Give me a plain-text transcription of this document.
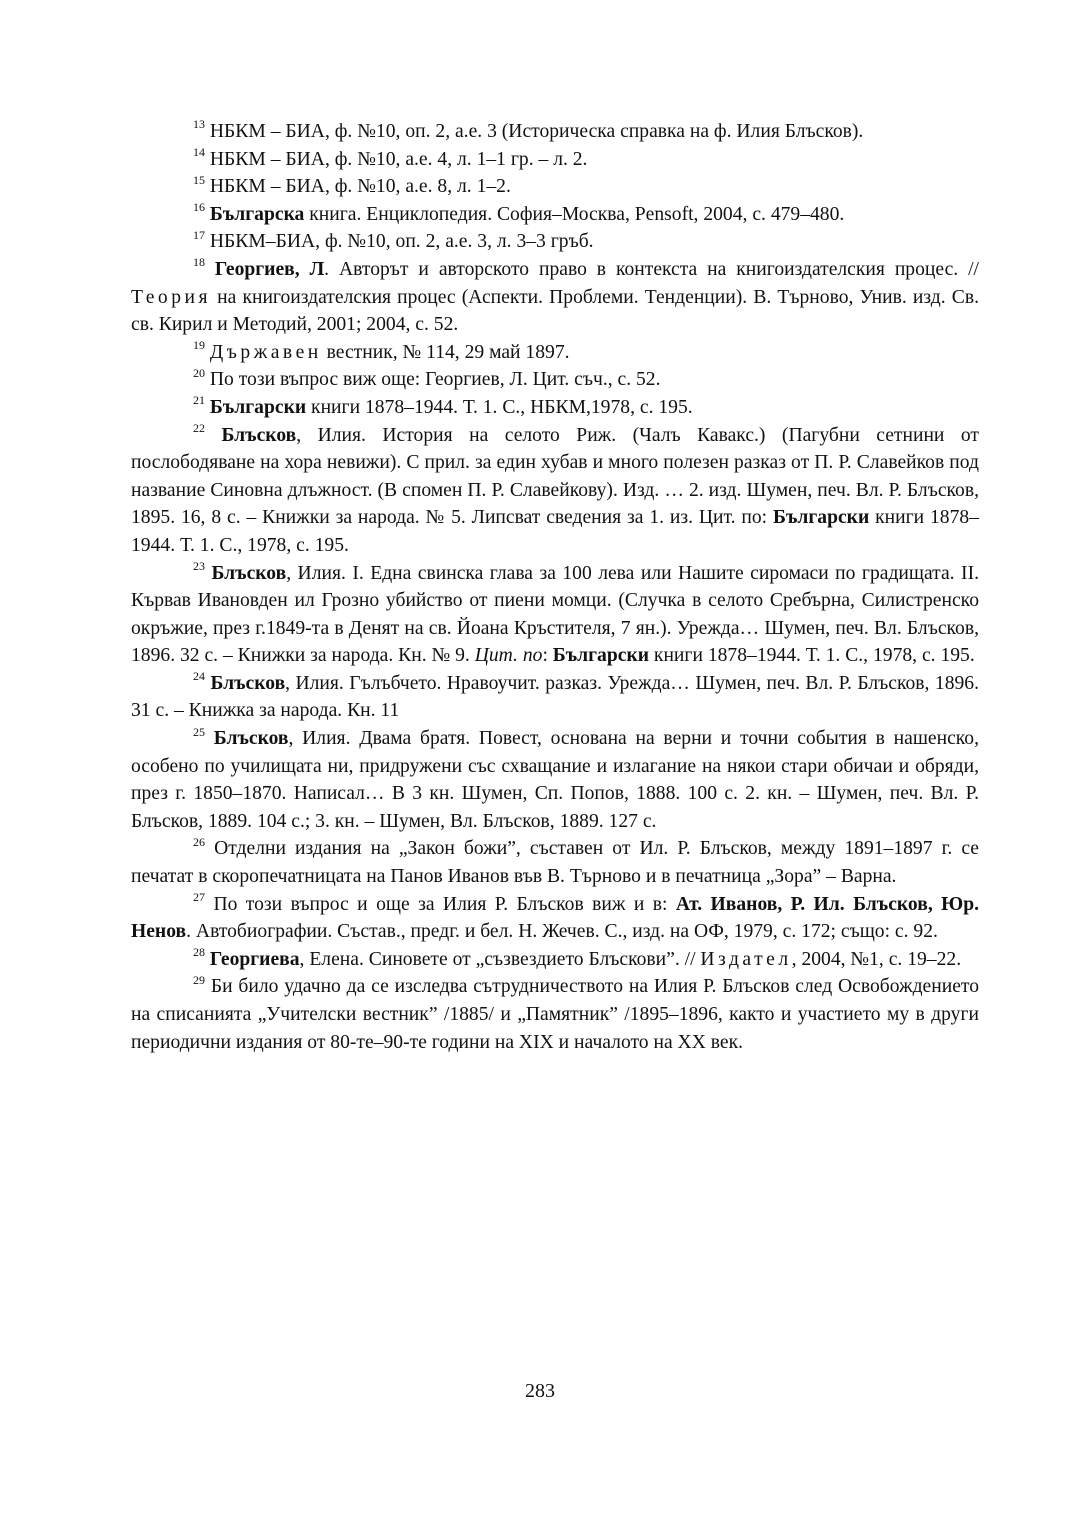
$^{13}$ НБКМ – БИА, ф. №10, оп. 2, а.е. 3 (Историческа справка на ф. Илия Блъсков).

$^{14}$ НБКМ – БИА, ф. №10, а.е. 4, л. 1–1 гр. – л. 2.

$^{15}$ НБКМ – БИА, ф. №10, а.е. 8, л. 1–2.

$^{16}$ Българска книга. Енциклопедия. София–Москва, Pensoft, 2004, с. 479–480.

$^{17}$ НБКМ–БИА, ф. №10, оп. 2, а.е. 3, л. 3–3 гръб.

$^{18}$ Георгиев, Л. Авторът и авторското право в контекста на книгоиздателския процес. // Теория на книгоиздателския процес (Аспекти. Проблеми. Тенденции). В. Търново, Унив. изд. Св. св. Кирил и Методий, 2001; 2004, с. 52.

$^{19}$ Държавен вестник, № 114, 29 май 1897.

$^{20}$ По този въпрос виж още: Георгиев, Л. Цит. съч., с. 52.

$^{21}$ Български книги 1878–1944. Т. 1. С., НБКМ,1978, с. 195.

$^{22}$ Блъсков, Илия. История на селото Риж. (Чалъ Кавакс.) (Пагубни сетнини от послободяване на хора невижи). С прил. за един хубав и много полезен разказ от П. Р. Славейков под название Синовна длъжност. (В спомен П. Р. Славейкову). Изд. … 2. изд. Шумен, печ. Вл. Р. Блъсков, 1895. 16, 8 с. – Книжки за народа. № 5. Липсват сведения за 1. из. Цит. по: Български книги 1878–1944. Т. 1. С., 1978, с. 195.

$^{23}$ Блъсков, Илия. I. Една свинска глава за 100 лева или Нашите сиромаси по градищата. II. Кървав Ивановден ил Грозно убийство от пиени момци. (Случка в селото Сребърна, Силистренско окръжие, през г.1849-та в Денят на св. Йоана Кръстителя, 7 ян.). Урежда… Шумен, печ. Вл. Блъсков, 1896. 32 с. – Книжки за народа. Кн. № 9. Цит. по: Български книги 1878–1944. Т. 1. С., 1978, с. 195.

$^{24}$ Блъсков, Илия. Гълъбчето. Нравоучит. разказ. Урежда… Шумен, печ. Вл. Р. Блъсков, 1896. 31 с. – Книжка за народа. Кн. 11

$^{25}$ Блъсков, Илия. Двама братя. Повест, основана на верни и точни события в нашенско, особено по училищата ни, придружени със схващание и излагание на някои стари обичаи и обряди, през г. 1850–1870. Написал… В 3 кн. Шумен, Сп. Попов, 1888. 100 с. 2. кн. – Шумен, печ. Вл. Р. Блъсков, 1889. 104 с.; 3. кн. – Шумен, Вл. Блъсков, 1889. 127 с.

$^{26}$ Отделни издания на „Закон божи”, съставен от Ил. Р. Блъсков, между 1891–1897 г. се печатат в скоропечатницата на Панов Иванов във В. Търново и в печатница „Зора” – Варна.

$^{27}$ По този въпрос и още за Илия Р. Блъсков виж и в: Ат. Иванов, Р. Ил. Блъсков, Юр. Ненов. Автобиографии. Състав., предг. и бел. Н. Жечев. С., изд. на ОФ, 1979, с. 172; също: с. 92.

$^{28}$ Георгиева, Елена. Синовете от „съзвездието Блъскови”. // Издател, 2004, №1, с. 19–22.

$^{29}$ Би било удачно да се изследва сътрудничеството на Илия Р. Блъсков след Освобождението на списанията „Учителски вестник” /1885/ и „Памятник” /1895–1896, както и участието му в други периодични издания от 80-те–90-те години на XIX и началото на XX век.

283
